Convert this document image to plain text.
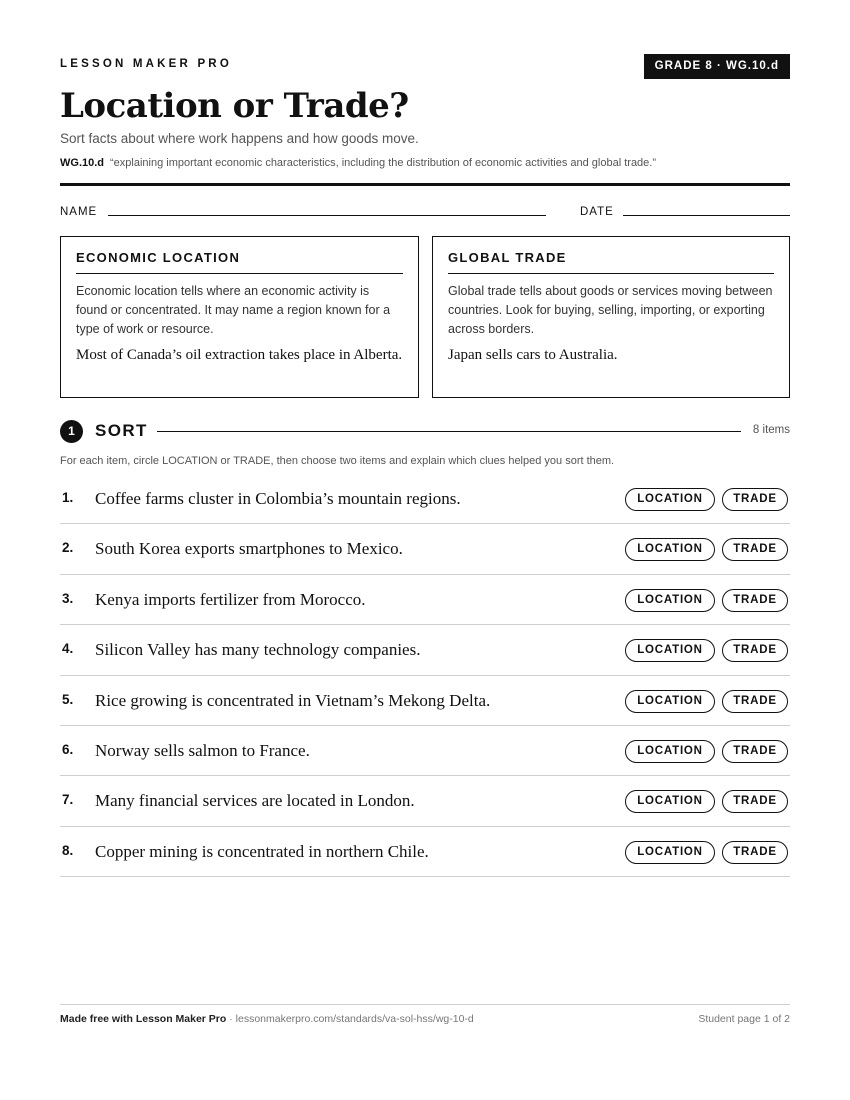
LESSON MAKER PRO	GRADE 8 · WG.10.d
Location or Trade?
Sort facts about where work happens and how goods move.
WG.10.d “explaining important economic characteristics, including the distribution of economic activities and global trade.”
NAME	DATE
ECONOMIC LOCATION

Economic location tells where an economic activity is found or concentrated. It may name a region known for a type of work or resource.

Most of Canada’s oil extraction takes place in Alberta.

GLOBAL TRADE

Global trade tells about goods or services moving between countries. Look for buying, selling, importing, or exporting across borders.

Japan sells cars to Australia.

1	SORT	8 items
For each item, circle LOCATION or TRADE, then choose two items and explain which clues helped you sort them.
1. Coffee farms cluster in Colombia’s mountain regions.	LOCATION	TRADE
2. South Korea exports smartphones to Mexico.	LOCATION	TRADE
3. Kenya imports fertilizer from Morocco.	LOCATION	TRADE
4. Silicon Valley has many technology companies.	LOCATION	TRADE
5. Rice growing is concentrated in Vietnam’s Mekong Delta.	LOCATION	TRADE
6. Norway sells salmon to France.	LOCATION	TRADE
7. Many financial services are located in London.	LOCATION	TRADE
8. Copper mining is concentrated in northern Chile.	LOCATION	TRADE
Made free with Lesson Maker Pro · lessonmakerpro.com/standards/va-sol-hss/wg-10-d	Student page 1 of 2
